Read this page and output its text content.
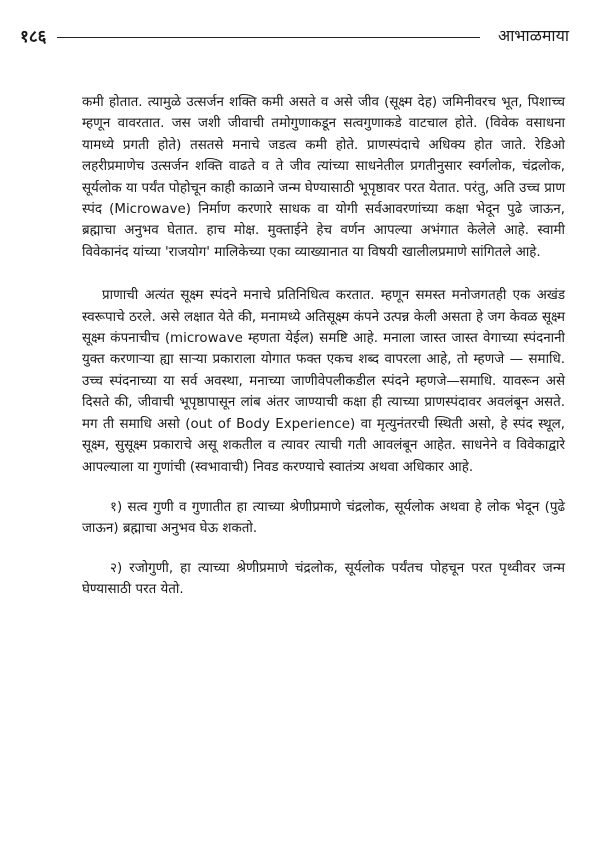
१८६	आभाळमाया

कमी होतात. त्यामुळे उत्सर्जन शक्ति कमी असते व असे जीव (सूक्ष्म देह) जमिनीवरच भूत, पिशाच्च म्हणून वावरतात. जस जशी जीवाची तमोगुणाकडून सत्वगुणाकडे वाटचाल होते. (विवेक वसाधना यामध्ये प्रगती होते) तसतसे मनाचे जडत्व कमी होते. प्राणस्पंदाचे अधिक्य होत जाते. रेडिओ लहरीप्रमाणेच उत्सर्जन शक्ति वाढते व ते जीव त्यांच्या साधनेतील प्रगतीनुसार स्वर्गलोक, चंद्रलोक, सूर्यलोक या पर्यंत पोहोचून काही काळाने जन्म घेण्यासाठी भूपृष्ठावर परत येतात. परंतु, अति उच्च प्राण स्पंद (Microwave) निर्माण करणारे साधक वा योगी सर्वआवरणांच्या कक्षा भेदून पुढे जाऊन, ब्रह्माचा अनुभव घेतात. हाच मोक्ष. मुक्ताईने हेच वर्णन आपल्या अभंगात केलेले आहे. स्वामी विवेकानंद यांच्या 'राजयोग' मालिकेच्या एका व्याख्यानात या विषयी खालीलप्रमाणे सांगितले आहे.

प्राणाची अत्यंत सूक्ष्म स्पंदने मनाचे प्रतिनिधित्व करतात. म्हणून समस्त मनोजगतही एक अखंड स्वरूपाचे ठरले. असे लक्षात येते की, मनामध्ये अतिसूक्ष्म कंपने उत्पन्न केली असता हे जग केवळ सूक्ष्म सूक्ष्म कंपनाचीच (microwave म्हणता येईल) समष्टि आहे. मनाला जास्त जास्त वेगाच्या स्पंदनानी युक्त करणाऱ्या ह्या साऱ्या प्रकाराला योगात फक्त एकच शब्द वापरला आहे, तो म्हणजे — समाधि. उच्च स्पंदनाच्या या सर्व अवस्था, मनाच्या जाणीवेपलीकडील स्पंदने म्हणजे—समाधि. यावरून असे दिसते की, जीवाची भूपृष्ठापासून लांब अंतर जाण्याची कक्षा ही त्याच्या प्राणस्पंदावर अवलंबून असते. मग ती समाधि असो (out of Body Experience) वा मृत्युनंतरची स्थिती असो, हे स्पंद स्थूल, सूक्ष्म, सुसूक्ष्म प्रकाराचे असू शकतील व त्यावर त्याची गती आवलंबून आहेत. साधनेने व विवेकाद्वारे आपल्याला या गुणांची (स्वभावाची) निवड करण्याचे स्वातंत्र्य अथवा अधिकार आहे.

१) सत्व गुणी व गुणातीत हा त्याच्या श्रेणीप्रमाणे चंद्रलोक, सूर्यलोक अथवा हे लोक भेदून (पुढे जाऊन) ब्रह्माचा अनुभव घेऊ शकतो.

२) रजोगुणी, हा त्याच्या श्रेणीप्रमाणे चंद्रलोक, सूर्यलोक पर्यंतच पोहचून परत पृथ्वीवर जन्म घेण्यासाठी परत येतो.
